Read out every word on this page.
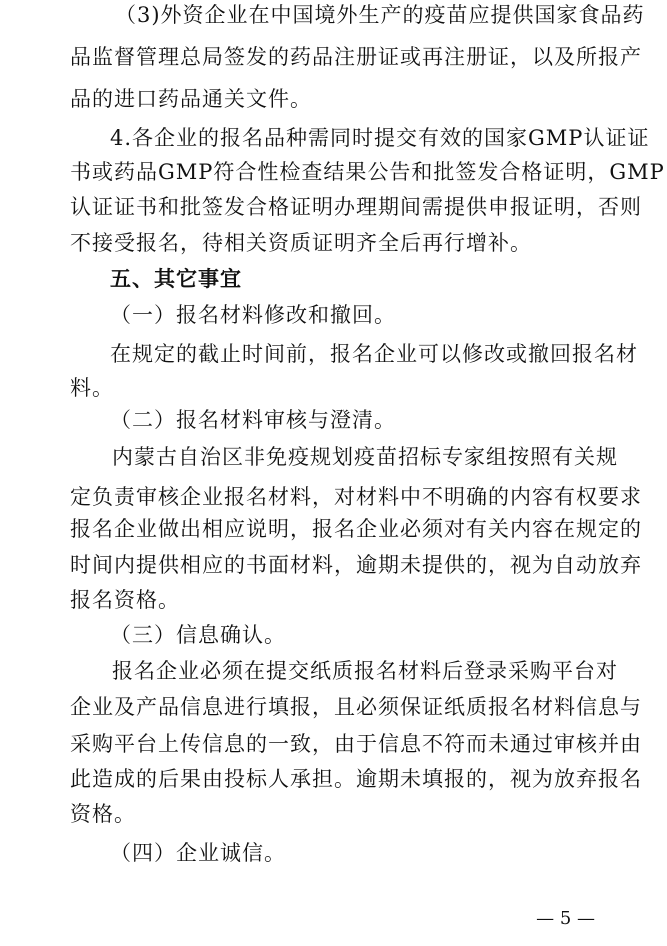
（3)外资企业在中国境外生产的疫苗应提供国家食品药
品监督管理总局签发的药品注册证或再注册证，以及所报产
品的进口药品通关文件。
4.各企业的报名品种需同时提交有效的国家GMP认证证
书或药品GMP符合性检查结果公告和批签发合格证明，GMP
认证证书和批签发合格证明办理期间需提供申报证明，否则
不接受报名，待相关资质证明齐全后再行增补。
五、其它事宜
（一）报名材料修改和撤回。
在规定的截止时间前，报名企业可以修改或撤回报名材
料。
（二）报名材料审核与澄清。
内蒙古自治区非免疫规划疫苗招标专家组按照有关规
定负责审核企业报名材料，对材料中不明确的内容有权要求
报名企业做出相应说明，报名企业必须对有关内容在规定的
时间内提供相应的书面材料，逾期未提供的，视为自动放弃
报名资格。
（三）信息确认。
报名企业必须在提交纸质报名材料后登录采购平台对
企业及产品信息进行填报，且必须保证纸质报名材料信息与
采购平台上传信息的一致，由于信息不符而未通过审核并由
此造成的后果由投标人承担。逾期未填报的，视为放弃报名
资格。
（四）企业诚信。
— 5 —
